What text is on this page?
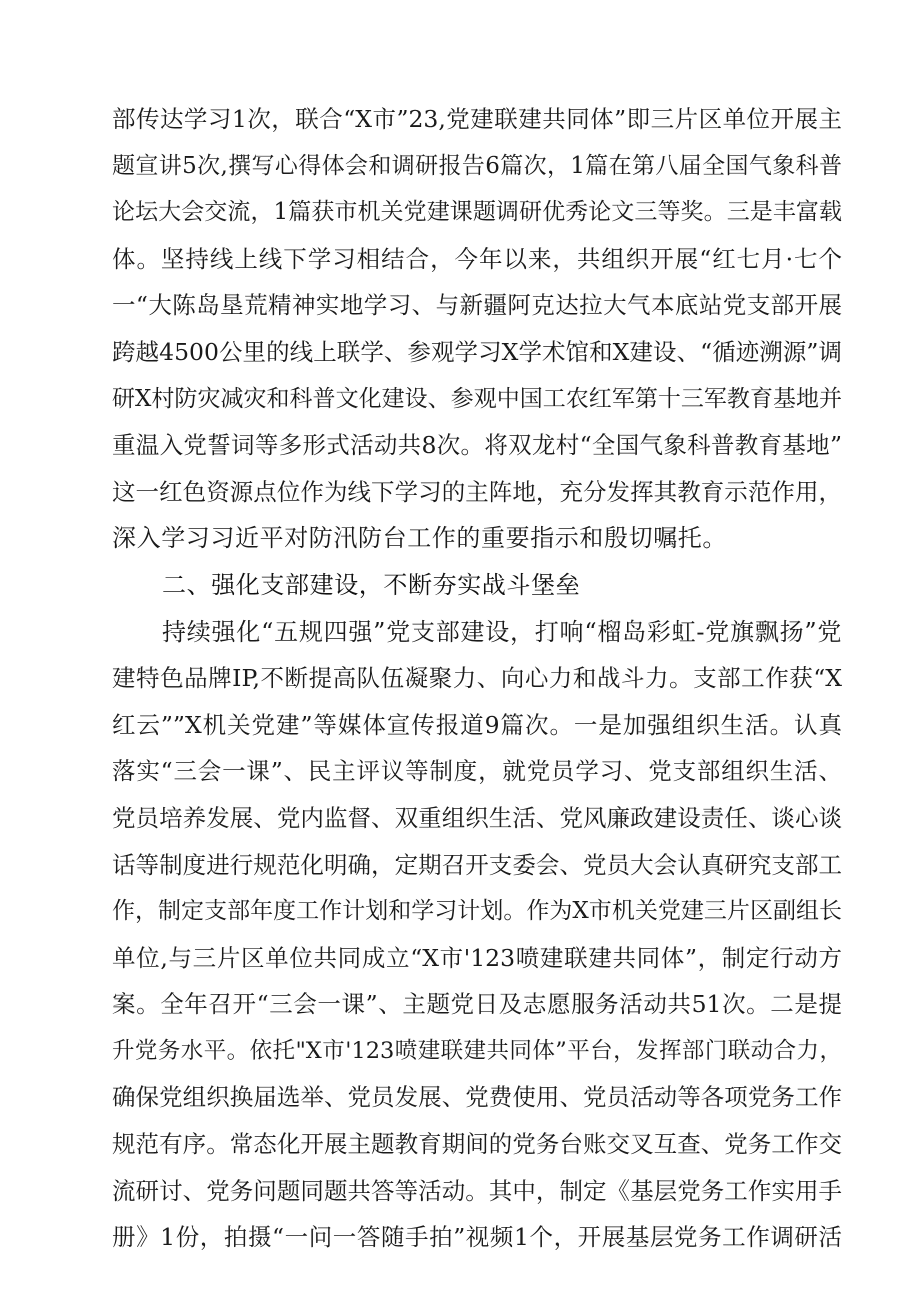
部传达学习1次，联合“X市”23,党建联建共同体”即三片区单位开展主
题宣讲5次,撰写心得体会和调研报告6篇次，1篇在第八届全国气象科普
论坛大会交流，1篇获市机关党建课题调研优秀论文三等奖。三是丰富载
体。坚持线上线下学习相结合，今年以来，共组织开展“红七月·七个
一“大陈岛垦荒精神实地学习、与新疆阿克达拉大气本底站党支部开展
跨越4500公里的线上联学、参观学习X学术馆和X建设、“循迹溯源”调
研X村防灾减灾和科普文化建设、参观中国工农红军第十三军教育基地并
重温入党誓词等多形式活动共8次。将双龙村“全国气象科普教育基地”
这一红色资源点位作为线下学习的主阵地，充分发挥其教育示范作用，
深入学习习近平对防汛防台工作的重要指示和殷切嘱托。
二、强化支部建设，不断夯实战斗堡垒
持续强化“五规四强”党支部建设，打响“榴岛彩虹-党旗飘扬”党
建特色品牌IP,不断提高队伍凝聚力、向心力和战斗力。支部工作获“X
红云””X机关党建”等媒体宣传报道9篇次。一是加强组织生活。认真
落实“三会一课”、民主评议等制度，就党员学习、党支部组织生活、
党员培养发展、党内监督、双重组织生活、党风廉政建设责任、谈心谈
话等制度进行规范化明确，定期召开支委会、党员大会认真研究支部工
作，制定支部年度工作计划和学习计划。作为X市机关党建三片区副组长
单位,与三片区单位共同成立“X市'123喷建联建共同体”，制定行动方
案。全年召开“三会一课”、主题党日及志愿服务活动共51次。二是提
升党务水平。依托"X市'123喷建联建共同体”平台，发挥部门联动合力，
确保党组织换届选举、党员发展、党费使用、党员活动等各项党务工作
规范有序。常态化开展主题教育期间的党务台账交叉互查、党务工作交
流研讨、党务问题同题共答等活动。其中，制定《基层党务工作实用手
册》1份，拍摄“一问一答随手拍”视频1个，开展基层党务工作调研活
